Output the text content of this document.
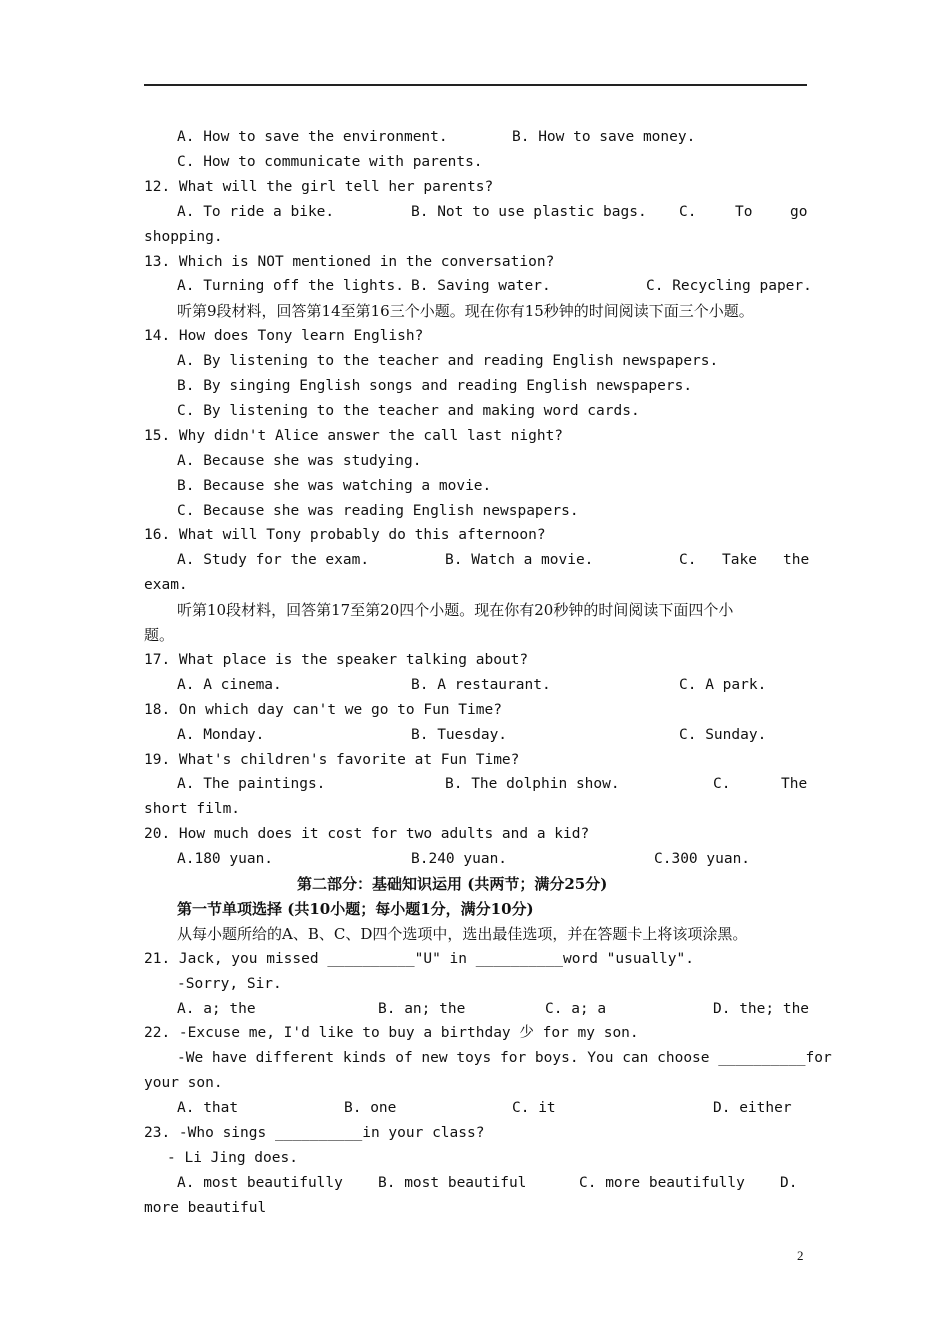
A. How to save the environment.	B. How to save money.
C. How to communicate with parents.
12. What will the girl tell her parents?
A. To ride a bike.	B. Not to use plastic bags. C.	To	go
shopping.
13. Which is NOT mentioned in the conversation?
A. Turning off the lights. B. Saving water.	C. Recycling paper.
听第9段材料，回答第14至第16三个小题。现在你有15秒钟的时间阅读下面三个小题。
14. How does Tony learn English?
A. By listening to the teacher and reading English newspapers.
B. By singing English songs and reading English newspapers.
C. By listening to the teacher and making word cards.
15. Why didn't Alice answer the call last night?
A. Because she was studying.
B. Because she was watching a movie.
C. Because she was reading English newspapers.
16. What will Tony probably do this afternoon?
A. Study for the exam.	B. Watch a movie.	C. Take the
exam.
听第10段材料，回答第17至第20四个小题。现在你有20秒钟的时间阅读下面四个小
题。
17. What place is the speaker talking about?
A. A cinema.	B. A restaurant.	C. A park.
18. On which day can't we go to Fun Time?
A. Monday.	B. Tuesday.	C. Sunday.
19. What's children's favorite at Fun Time?
A. The paintings.	B. The dolphin show.	C.	The
short film.
20. How much does it cost for two adults and a kid?
A.180 yuan.	B.240 yuan.	C.300 yuan.
第二部分：基础知识运用 (共两节；满分25分)
第一节单项选择 (共10小题；每小题1分，满分10分)
从每小题所给的A、B、C、D四个选项中，选出最佳选项，并在答题卡上将该项涂黑。
21. Jack, you missed __________"U" in __________word "usually".
-Sorry, Sir.
A. a; the	B. an; the	C. a; a	D. the; the
22. -Excuse me, I'd like to buy a birthday 少 for my son.
-We have different kinds of new toys for boys. You can choose __________for
your son.
A. that	B. one	C. it	D. either
23. -Who sings __________in your class?
- Li Jing does.
A. most beautifully B. most beautiful	C. more beautifully D.
more beautiful
2
